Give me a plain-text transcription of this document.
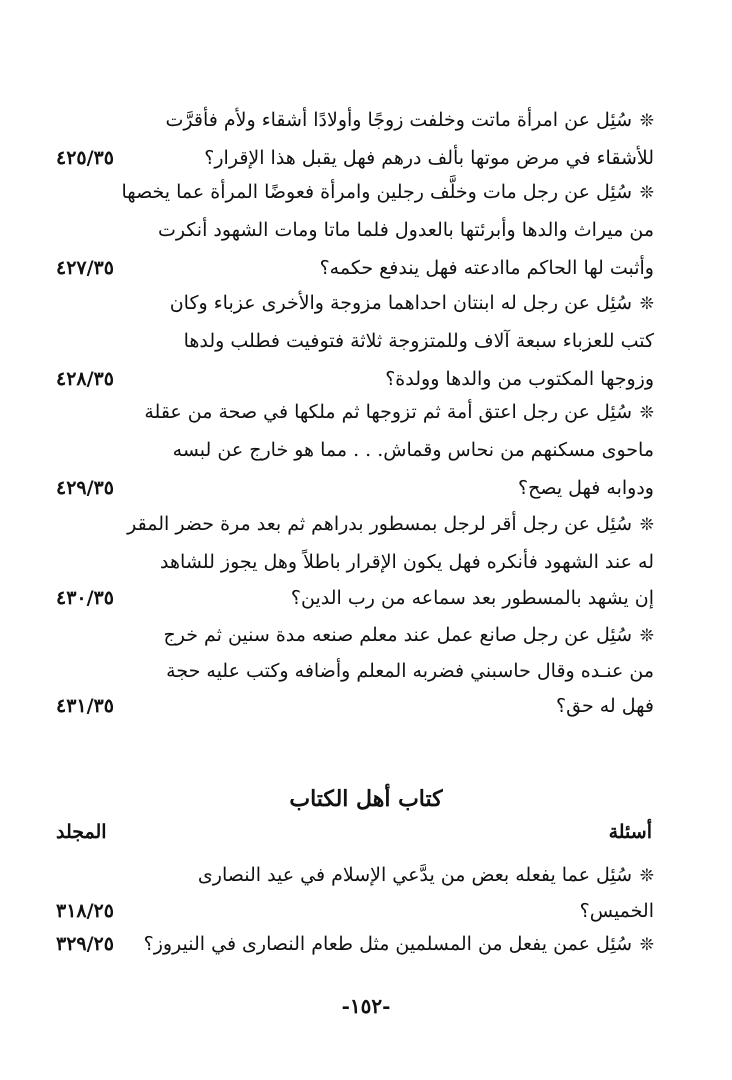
❊سُئِل عن امرأة ماتت وخلفت زوجًا وأولادًا أشقاء ولأم فأقرَّت
للأشقاء في مرض موتها بألف درهم فهل يقبل هذا الإقرار؟
٤٢٥/٣٥
❊سُئِل عن رجل مات وخلَّف رجلين وامرأة فعوضًا المرأة عما يخصها
من ميراث والدها وأبرئتها بالعدول فلما ماتا ومات الشهود أنكرت
وأثبت لها الحاكم ماادعته فهل يندفع حكمه؟
٤٢٧/٣٥
❊سُئِل عن رجل له ابنتان احداهما مزوجة والأخرى عزباء وكان
كتب للعزباء سبعة آلاف وللمتزوجة ثلاثة فتوفيت فطلب ولدها
وزوجها المكتوب من والدها وولدة؟
٤٢٨/٣٥
❊سُئِل عن رجل اعتق أمة ثم تزوجها ثم ملكها في صحة من عقلة
ماحوى مسكنهم من نحاس وقماش. . . مما هو خارج عن لبسه
ودوابه فهل يصح؟
٤٢٩/٣٥
❊سُئِل عن رجل أقر لرجل بمسطور بدراهم ثم بعد مرة حضر المقر
له عند الشهود فأنكره فهل يكون الإقرار باطلاً وهل يجوز للشاهد
إن يشهد بالمسطور بعد سماعه من رب الدين؟
٤٣٠/٣٥
❊سُئِل عن رجل صانع عمل عند معلم صنعه مدة سنين ثم خرج
من عنـده وقال حاسبني فضربه المعلم وأضافه وكتب عليه حجة
فهل له حق؟
٤٣١/٣٥
كتاب أهل الكتاب
أسئلة
المجلد
❊سُئِل عما يفعله بعض من يدَّعي الإسلام في عيد النصارى
الخميس؟
٣١٨/٢٥
❊سُئِل عمن يفعل من المسلمين مثل طعام النصارى في النيروز؟
٣٢٩/٢٥
-١٥٢-
